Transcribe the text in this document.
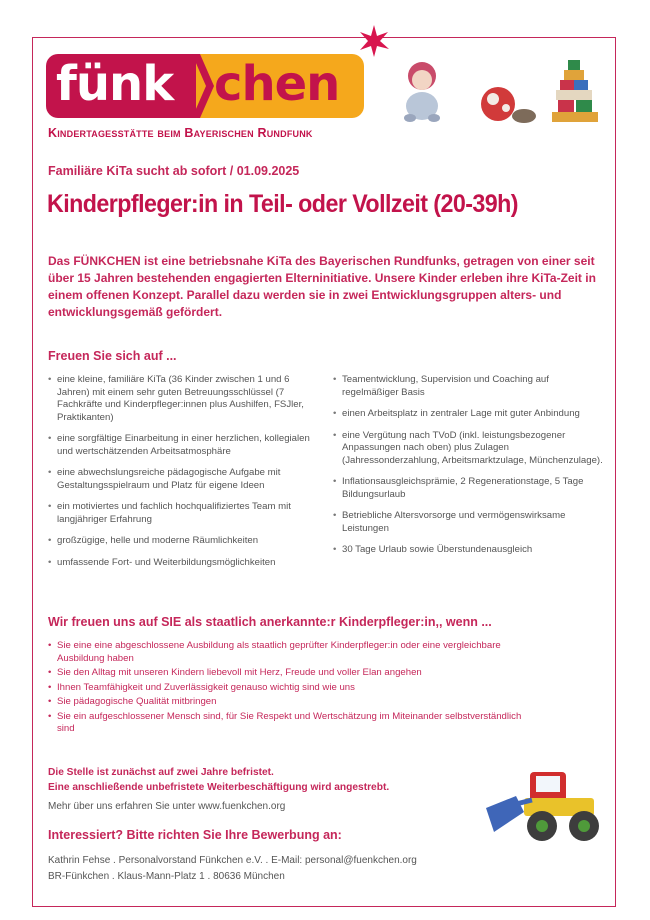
fünk chen
Kindertagesstätte beim Bayerischen Rundfunk
Familiäre KiTa sucht ab sofort / 01.09.2025
Kinderpfleger:in in Teil- oder Vollzeit (20-39h)
Das FÜNKCHEN ist eine betriebsnahe KiTa des Bayerischen Rundfunks, getragen von einer seit über 15 Jahren bestehenden engagierten Elterninitiative. Unsere Kinder erleben ihre KiTa-Zeit in einem offenen Konzept. Parallel dazu werden sie in zwei Entwicklungsgruppen alters- und entwicklungsgemäß gefördert.
Freuen Sie sich auf ...
• eine kleine, familiäre KiTa (36 Kinder zwischen 1 und 6 Jahren) mit einem sehr guten Betreuungsschlüssel (7 Fachkräfte und Kinderpfleger:innen plus Aushilfen, FSJler, Praktikanten)
• eine sorgfältige Einarbeitung in einer herzlichen, kollegialen und wertschätzenden Arbeitsatmosphäre
• eine abwechslungsreiche pädagogische Aufgabe mit Gestaltungsspielraum und Platz für eigene Ideen
• ein motiviertes und fachlich hochqualifiziertes Team mit langjähriger Erfahrung
• großzügige, helle und moderne Räumlichkeiten
• umfassende Fort- und Weiterbildungsmöglichkeiten
• Teamentwicklung, Supervision und Coaching auf regelmäßiger Basis
• einen Arbeitsplatz in zentraler Lage mit guter Anbindung
• eine Vergütung nach TVoD (inkl. leistungsbezogener Anpassungen nach oben) plus Zulagen (Jahressonderzahlung, Arbeitsmarktzulage, Münchenzulage).
• Inflationsausgleichsprämie, 2 Regenerationstage, 5 Tage Bildungsurlaub
• Betriebliche Altersvorsorge und vermögenswirksame Leistungen
• 30 Tage Urlaub sowie Überstundenausgleich
Wir freuen uns auf SIE als staatlich anerkannte:r Kinderpfleger:in,, wenn ...
• Sie eine eine abgeschlossene Ausbildung als staatlich geprüfter Kinderpfleger:in oder eine vergleichbare Ausbildung haben
• Sie den Alltag mit unseren Kindern liebevoll mit Herz, Freude und voller Elan angehen
• Ihnen Teamfähigkeit und Zuverlässigkeit genauso wichtig sind wie uns
• Sie pädagogische Qualität mitbringen
• Sie ein aufgeschlossener Mensch sind, für Sie Respekt und Wertschätzung im Miteinander selbstverständlich sind
Die Stelle ist zunächst auf zwei Jahre befristet.
Eine anschließende unbefristete Weiterbeschäftigung wird angestrebt.
Mehr über uns erfahren Sie unter www.fuenkchen.org
Interessiert? Bitte richten Sie Ihre Bewerbung an:
Kathrin Fehse . Personalvorstand Fünkchen e.V. . E-Mail: personal@fuenkchen.org
BR-Fünkchen . Klaus-Mann-Platz 1 . 80636 München
